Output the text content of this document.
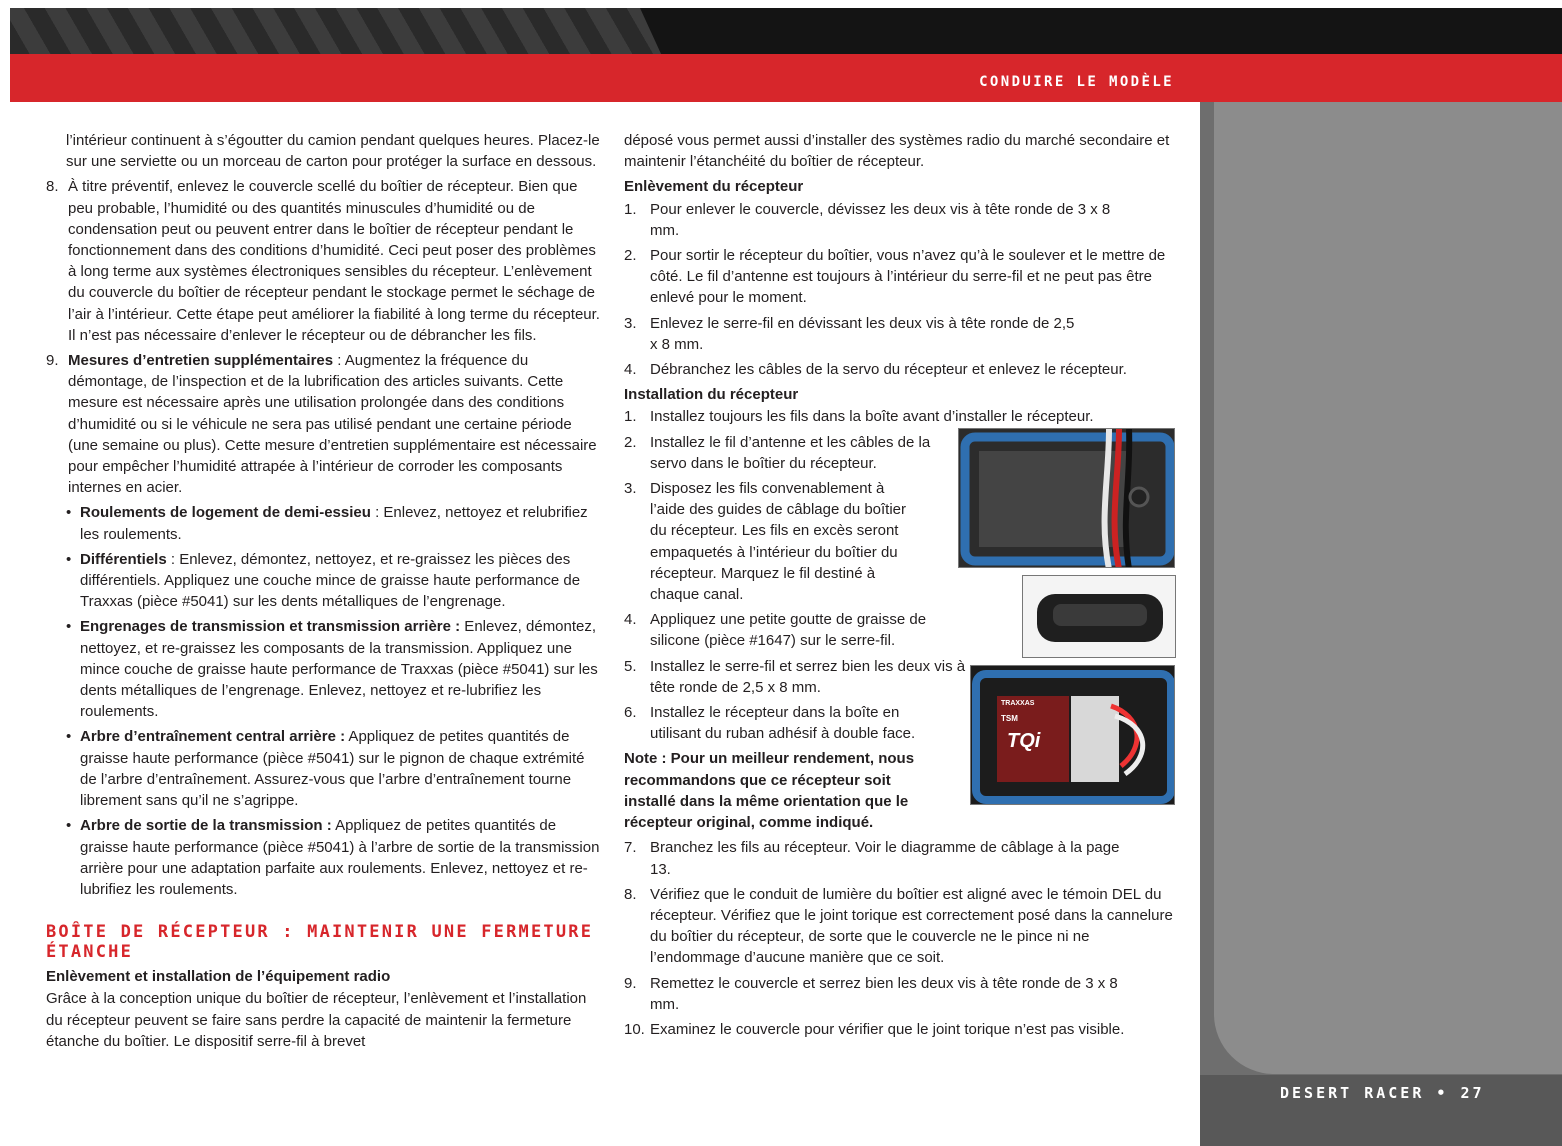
CONDUIRE LE MODÈLE
DESERT RACER • 27

l’intérieur continuent à s’égoutter du camion pendant quelques heures. Placez-le sur une serviette ou un morceau de carton pour protéger la surface en dessous.

8. À titre préventif, enlevez le couvercle scellé du boîtier de récepteur. Bien que peu probable, l’humidité ou des quantités minuscules d’humidité ou de condensation peut ou peuvent entrer dans le boîtier de récepteur pendant le fonctionnement dans des conditions d’humidité. Ceci peut poser des problèmes à long terme aux systèmes électroniques sensibles du récepteur. L’enlèvement du couvercle du boîtier de récepteur pendant le stockage permet le séchage de l’air à l’intérieur. Cette étape peut améliorer la fiabilité à long terme du récepteur. Il n’est pas nécessaire d’enlever le récepteur ou de débrancher les fils.
9. Mesures d’entretien supplémentaires : Augmentez la fréquence du démontage, de l’inspection et de la lubrification des articles suivants. Cette mesure est nécessaire après une utilisation prolongée dans des conditions d’humidité ou si le véhicule ne sera pas utilisé pendant une certaine période (une semaine ou plus). Cette mesure d’entretien supplémentaire est nécessaire pour empêcher l’humidité attrapée à l’intérieur de corroder les composants internes en acier.
• Roulements de logement de demi-essieu : Enlevez, nettoyez et relubrifiez les roulements.
• Différentiels : Enlevez, démontez, nettoyez, et re-graissez les pièces des différentiels. Appliquez une couche mince de graisse haute performance de Traxxas (pièce #5041) sur les dents métalliques de l’engrenage.
• Engrenages de transmission et transmission arrière : Enlevez, démontez, nettoyez, et re-graissez les composants de la transmission. Appliquez une mince couche de graisse haute performance de Traxxas (pièce #5041) sur les dents métalliques de l’engrenage. Enlevez, nettoyez et re-lubrifiez les roulements.
• Arbre d’entraînement central arrière : Appliquez de petites quantités de graisse haute performance (pièce #5041) sur le pignon de chaque extrémité de l’arbre d’entraînement. Assurez-vous que l’arbre d’entraînement tourne librement sans qu’il ne s’agrippe.
• Arbre de sortie de la transmission : Appliquez de petites quantités de graisse haute performance (pièce #5041) à l’arbre de sortie de la transmission arrière pour une adaptation parfaite aux roulements. Enlevez, nettoyez et re-lubrifiez les roulements.
BOÎTE DE RÉCEPTEUR : MAINTENIR UNE FERMETURE ÉTANCHE
Enlèvement et installation de l’équipement radio

Grâce à la conception unique du boîtier de récepteur, l’enlèvement et l’installation du récepteur peuvent se faire sans perdre la capacité de maintenir la fermeture étanche du boîtier. Le dispositif serre-fil à brevet

déposé vous permet aussi d’installer des systèmes radio du marché secondaire et maintenir l’étanchéité du boîtier de récepteur.

Enlèvement du récepteur
1. Pour enlever le couvercle, dévissez les deux vis à tête ronde de 3 x 8 mm.
2. Pour sortir le récepteur du boîtier, vous n’avez qu’à le soulever et le mettre de côté. Le fil d’antenne est toujours à l’intérieur du serre-fil et ne peut pas être enlevé pour le moment.
3. Enlevez le serre-fil en dévissant les deux vis à tête ronde de 2,5 x 8 mm.
4. Débranchez les câbles de la servo du récepteur et enlevez le récepteur.
Installation du récepteur
1. Installez toujours les fils dans la boîte avant d’installer le récepteur.
2. Installez le fil d’antenne et les câbles de la servo dans le boîtier du récepteur.
3. Disposez les fils convenablement à l’aide des guides de câblage du boîtier du récepteur. Les fils en excès seront empaquetés à l’intérieur du boîtier du récepteur. Marquez le fil destiné à chaque canal.
4. Appliquez une petite goutte de graisse de silicone (pièce #1647) sur le serre-fil.
5. Installez le serre-fil et serrez bien les deux vis à tête ronde de 2,5 x 8 mm.
6. Installez le récepteur dans la boîte en utilisant du ruban adhésif à double face.

Note : Pour un meilleur rendement, nous recommandons que ce récepteur soit installé dans la même orientation que le récepteur original, comme indiqué.

7. Branchez les fils au récepteur. Voir le diagramme de câblage à la page 13.
8. Vérifiez que le conduit de lumière du boîtier est aligné avec le témoin DEL du récepteur. Vérifiez que le joint torique est correctement posé dans la cannelure du boîtier du récepteur, de sorte que le couvercle ne le pince ni ne l’endommage d’aucune manière que ce soit.
9. Remettez le couvercle et serrez bien les deux vis à tête ronde de 3 x 8 mm.
10. Examinez le couvercle pour vérifier que le joint torique n’est pas visible.
TRAXXAS
TSM
TQi
